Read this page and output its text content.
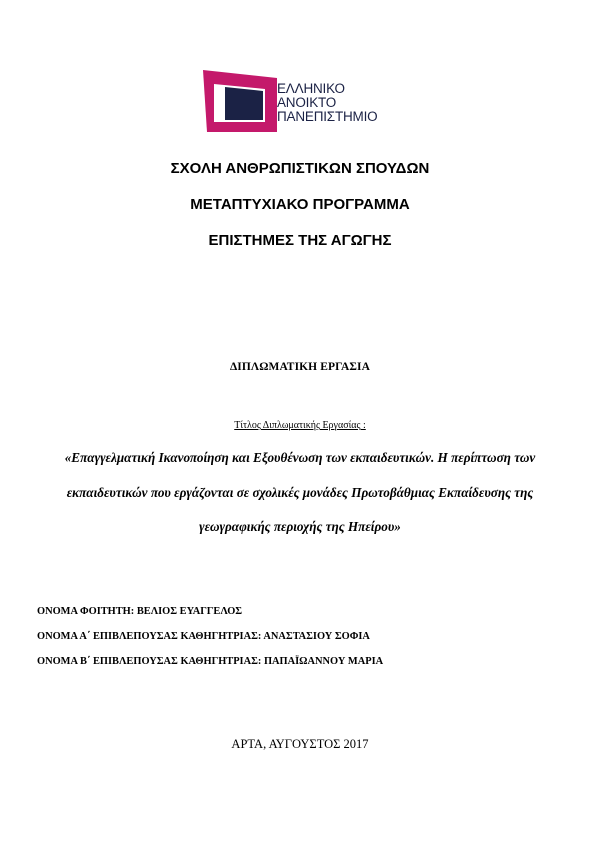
ΕΛΛΗΝΙΚΟ
ΑΝΟΙΚΤΟ
ΠΑΝΕΠΙΣΤΗΜΙΟ
ΣΧΟΛΗ ΑΝΘΡΩΠΙΣΤΙΚΩΝ ΣΠΟΥΔΩΝ
ΜΕΤΑΠΤΥΧΙΑΚΟ ΠΡΟΓΡΑΜΜΑ
ΕΠΙΣΤΗΜΕΣ ΤΗΣ ΑΓΩΓΗΣ
ΔΙΠΛΩΜΑΤΙΚΗ ΕΡΓΑΣΙΑ
Τίτλος Διπλωματικής Εργασίας :
«Επαγγελματική Ικανοποίηση και Εξουθένωση των εκπαιδευτικών. Η περίπτωση των
εκπαιδευτικών που εργάζονται σε σχολικές μονάδες Πρωτοβάθμιας Εκπαίδευσης της
γεωγραφικής περιοχής της Ηπείρου»
ΟΝΟΜΑ ΦΟΙΤΗΤΗ: ΒΕΛΙΟΣ ΕΥΑΓΓΕΛΟΣ
ΟΝΟΜΑ Α΄ ΕΠΙΒΛΕΠΟΥΣΑΣ ΚΑΘΗΓΗΤΡΙΑΣ: ΑΝΑΣΤΑΣΙΟΥ ΣΟΦΙΑ
ΟΝΟΜΑ Β΄ ΕΠΙΒΛΕΠΟΥΣΑΣ ΚΑΘΗΓΗΤΡΙΑΣ: ΠΑΠΑΪΩΑΝΝΟΥ ΜΑΡΙΑ
ΑΡΤΑ, ΑΥΓΟΥΣΤΟΣ 2017
